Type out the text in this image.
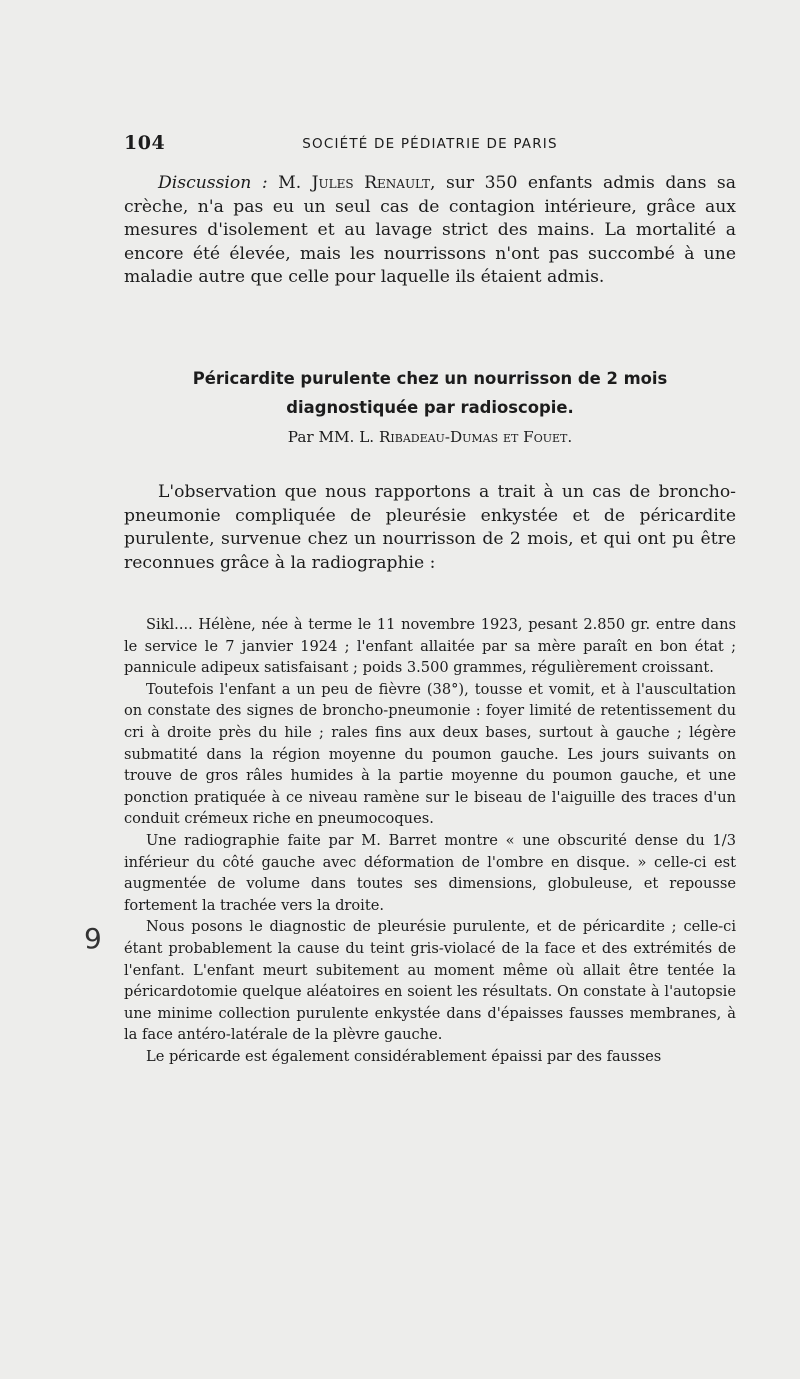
104	SOCIÉTÉ DE PÉDIATRIE DE PARIS

Discussion : M. Jules Renault, sur 350 enfants admis dans sa crèche, n'a pas eu un seul cas de contagion intérieure, grâce aux mesures d'isolement et au lavage strict des mains. La mortalité a encore été élevée, mais les nourrissons n'ont pas succombé à une maladie autre que celle pour laquelle ils étaient admis.

Péricardite purulente chez un nourrisson de 2 mois
diagnostiquée par radioscopie.
Par MM. L. Ribadeau-Dumas et Fouet.

L'observation que nous rapportons a trait à un cas de broncho-pneumonie compliquée de pleurésie enkystée et de péricardite purulente, survenue chez un nourrisson de 2 mois, et qui ont pu être reconnues grâce à la radiographie :

Sikl.... Hélène, née à terme le 11 novembre 1923, pesant 2.850 gr. entre dans le service le 7 janvier 1924 ; l'enfant allaitée par sa mère paraît en bon état ; pannicule adipeux satisfaisant ; poids 3.500 grammes, régulièrement croissant.

Toutefois l'enfant a un peu de fièvre (38°), tousse et vomit, et à l'auscultation on constate des signes de broncho-pneumonie : foyer limité de retentissement du cri à droite près du hile ; rales fins aux deux bases, surtout à gauche ; légère submatité dans la région moyenne du poumon gauche. Les jours suivants on trouve de gros râles humides à la partie moyenne du poumon gauche, et une ponction pratiquée à ce niveau ramène sur le biseau de l'aiguille des traces d'un conduit crémeux riche en pneumocoques.

Une radiographie faite par M. Barret montre « une obscurité dense du 1/3 inférieur du côté gauche avec déformation de l'ombre en disque. » celle-ci est augmentée de volume dans toutes ses dimensions, globuleuse, et repousse fortement la trachée vers la droite.

Nous posons le diagnostic de pleurésie purulente, et de péricardite ; celle-ci étant probablement la cause du teint gris-violacé de la face et des extrémités de l'enfant. L'enfant meurt subitement au moment même où allait être tentée la péricardotomie quelque aléatoires en soient les résultats. On constate à l'autopsie une minime collection purulente enkystée dans d'épaisses fausses membranes, à la face antéro-latérale de la plèvre gauche.

Le péricarde est également considérablement épaissi par des fausses

9
